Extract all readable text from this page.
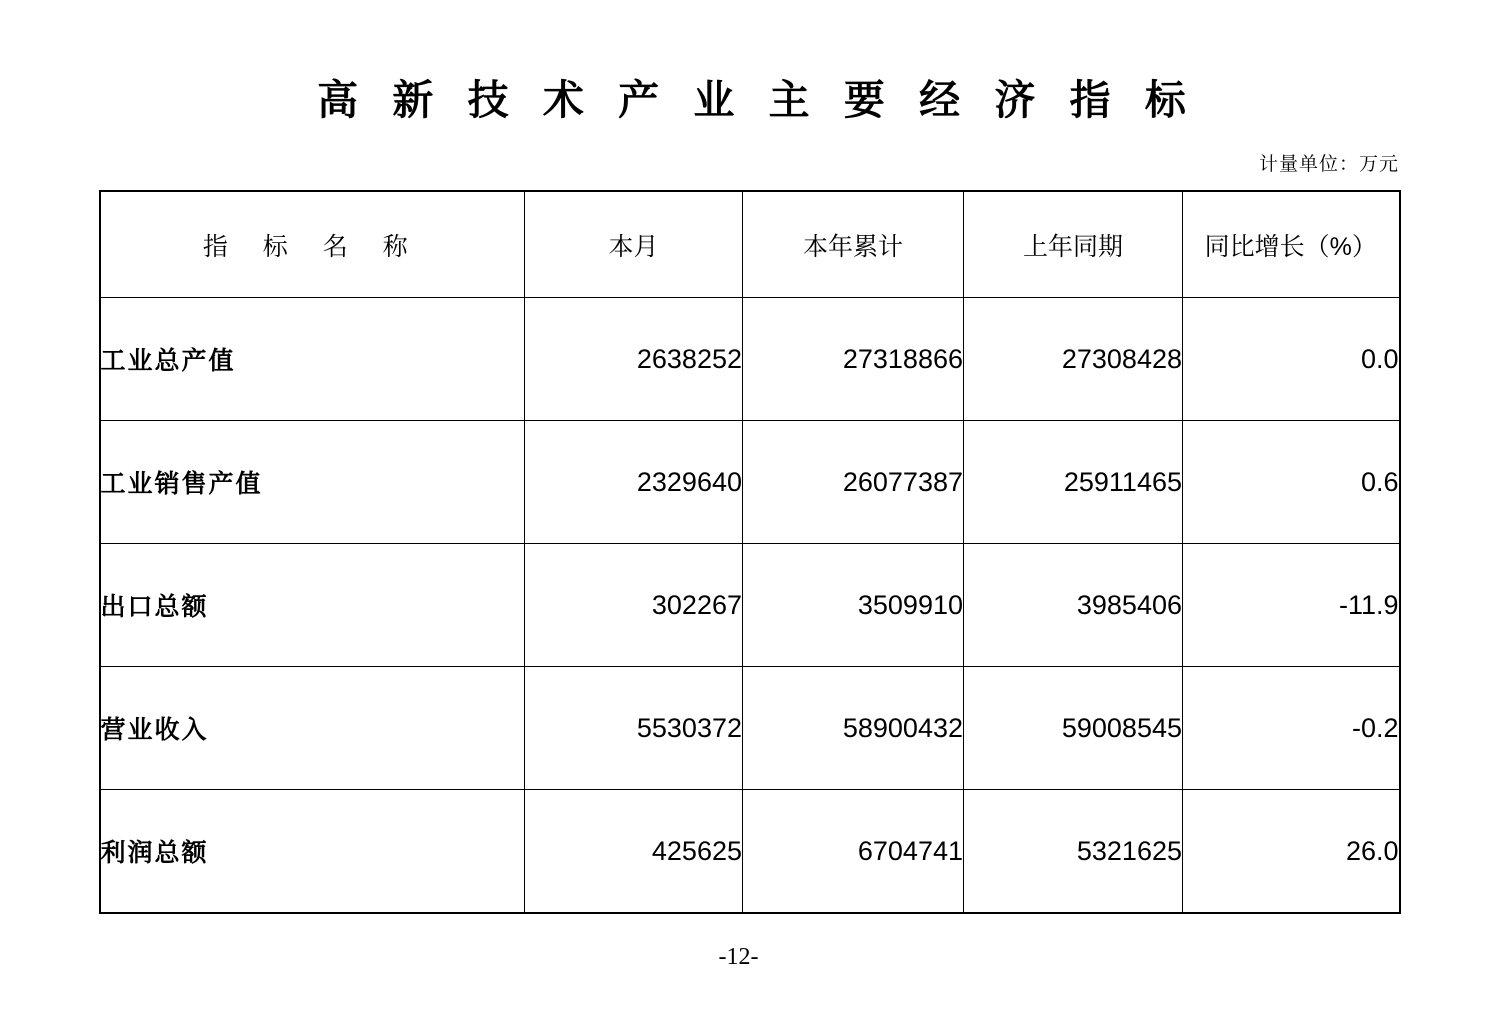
高 新 技 术 产 业 主 要 经 济 指 标
计量单位：万元
指 标 名 称	本月	本年累计	上年同期	同比增长（%）
工业总产值	2638252	27318866	27308428	0.0
工业销售产值	2329640	26077387	25911465	0.6
出口总额	302267	3509910	3985406	-11.9
营业收入	5530372	58900432	59008545	-0.2
利润总额	425625	6704741	5321625	26.0
-12-
